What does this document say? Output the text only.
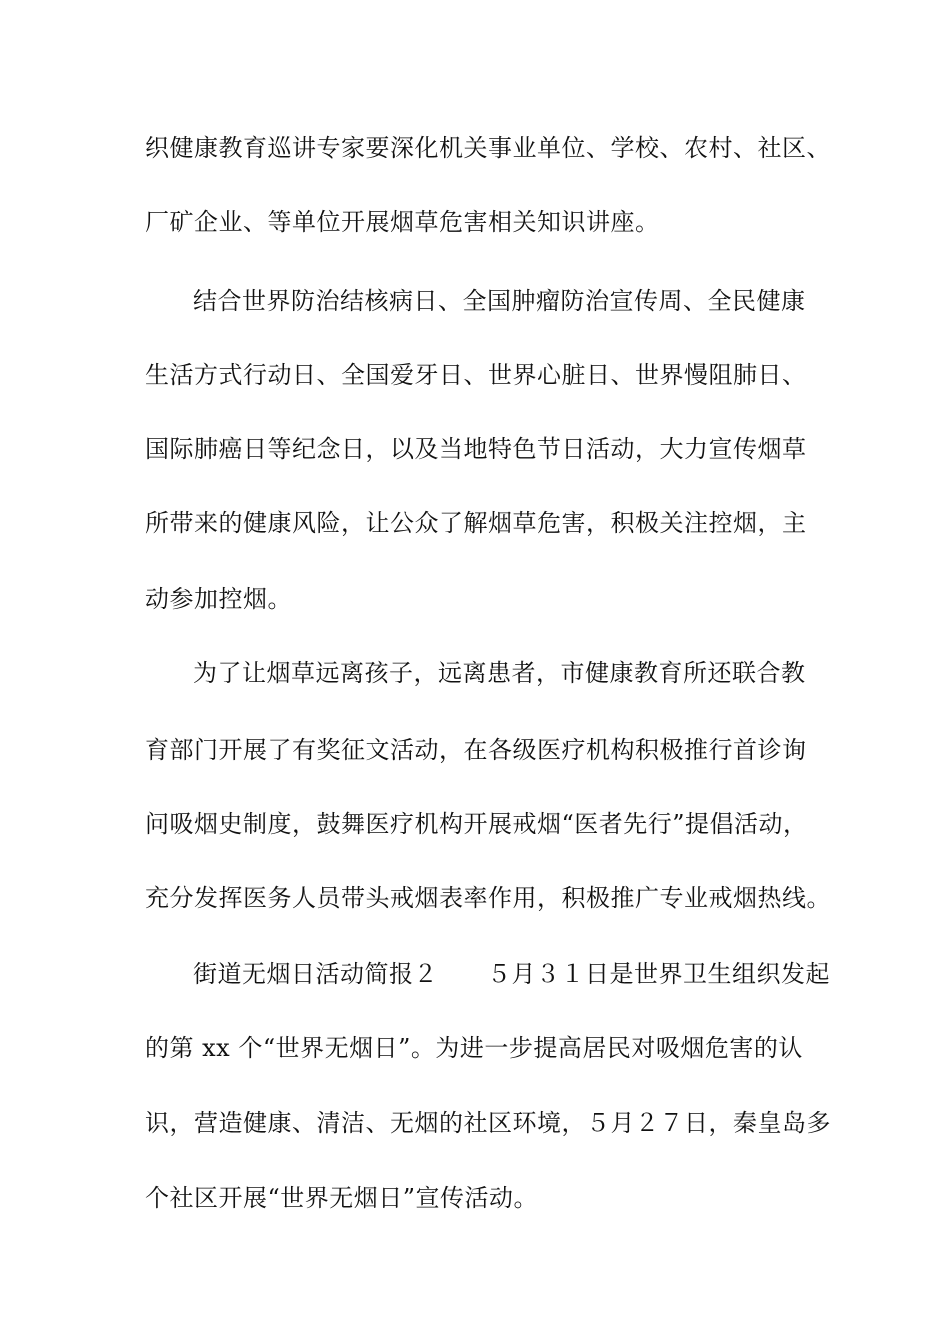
织健康教育巡讲专家要深化机关事业单位、学校、农村、社区、
厂矿企业、等单位开展烟草危害相关知识讲座。
结合世界防治结核病日、全国肿瘤防治宣传周、全民健康
生活方式行动日、全国爱牙日、世界心脏日、世界慢阻肺日、
国际肺癌日等纪念日，以及当地特色节日活动，大力宣传烟草
所带来的健康风险，让公众了解烟草危害，积极关注控烟，主
动参加控烟。
为了让烟草远离孩子，远离患者，市健康教育所还联合教
育部门开展了有奖征文活动，在各级医疗机构积极推行首诊询
问吸烟史制度，鼓舞医疗机构开展戒烟“医者先行”提倡活动，
充分发挥医务人员带头戒烟表率作用，积极推广专业戒烟热线。
街道无烟日活动简报２　　５月３１日是世界卫生组织发起
的第 xx 个“世界无烟日”。为进一步提高居民对吸烟危害的认
识，营造健康、清洁、无烟的社区环境，５月２７日，秦皇岛多
个社区开展“世界无烟日”宣传活动。
